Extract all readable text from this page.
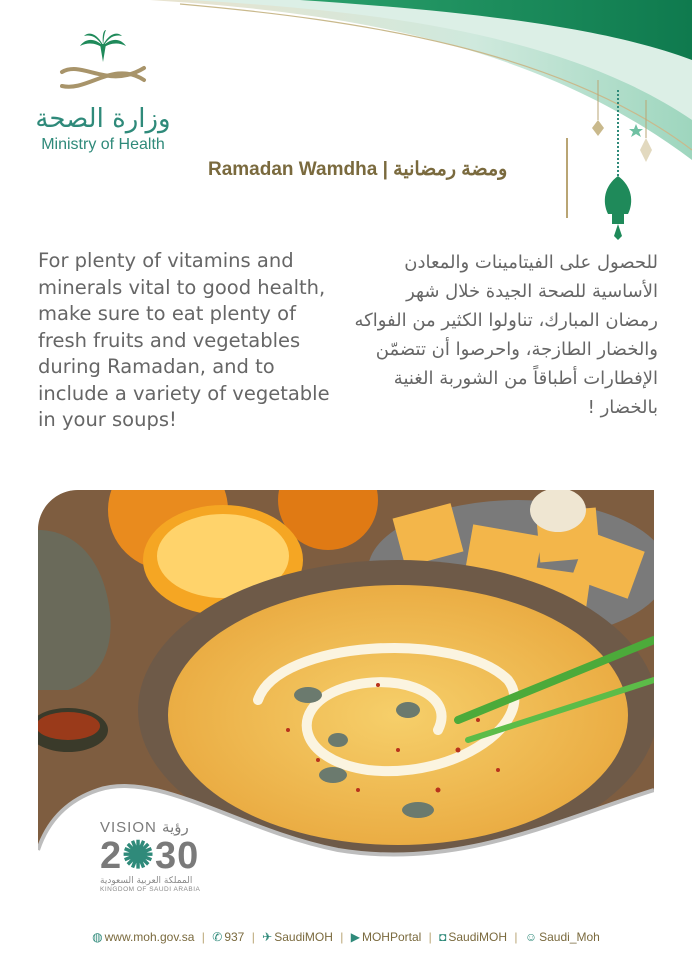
وزارة الصحة
Ministry of Health
Ramadan Wamdha | ومضة رمضانية
For plenty of vitamins and minerals vital to good health, make sure to eat plenty of fresh fruits and vegetables during Ramadan, and to include a variety of vegetable in your soups!
للحصول على الفيتامينات والمعادن الأساسية للصحة الجيدة خلال شهر رمضان المبارك، تناولوا الكثير من الفواكه والخضار الطازجة، واحرصوا أن تتضمّن الإفطارات أطباقاً من الشوربة الغنية بالخضار !
VISION رؤية
2✺30
المملكة العربية السعودية
KINGDOM OF SAUDI ARABIA
◍ www.moh.gov.sa | ✆ 937 | ✈ SaudiMOH | ▶ MOHPortal | ◘ SaudiMOH | ☺ Saudi_Moh
